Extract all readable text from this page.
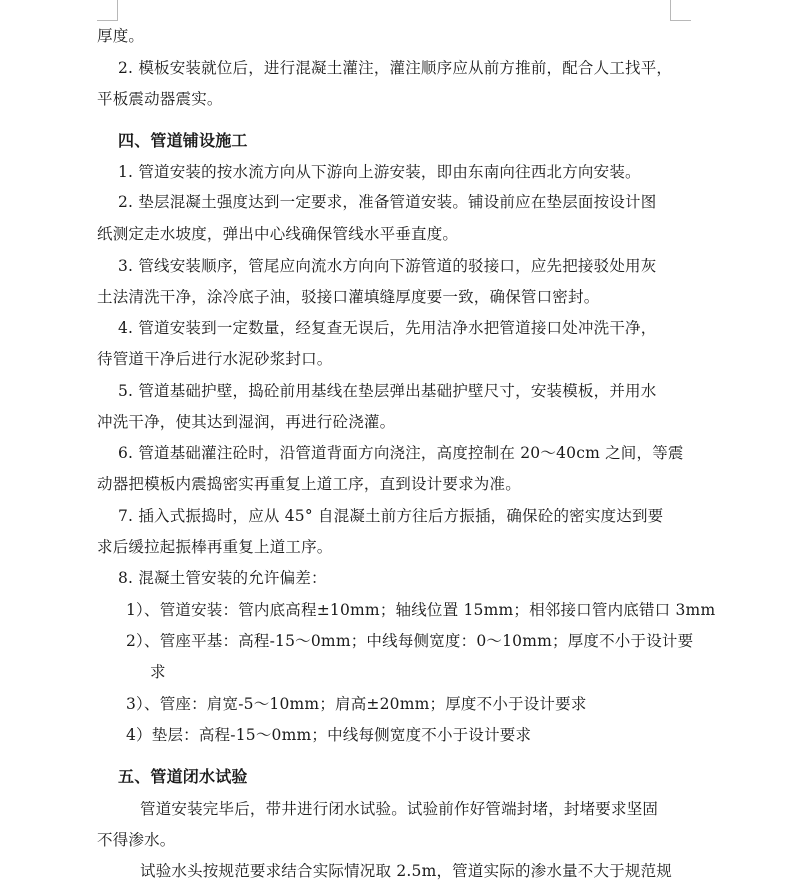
厚度。
2. 模板安装就位后，进行混凝土灌注，灌注顺序应从前方推前，配合人工找平，
平板震动器震实。
四、管道铺设施工
1. 管道安装的按水流方向从下游向上游安装，即由东南向往西北方向安装。
2. 垫层混凝土强度达到一定要求，准备管道安装。铺设前应在垫层面按设计图
纸测定走水坡度，弹出中心线确保管线水平垂直度。
3. 管线安装顺序，管尾应向流水方向向下游管道的驳接口，应先把接驳处用灰
土法清洗干净，涂冷底子油，驳接口灌填缝厚度要一致，确保管口密封。
4. 管道安装到一定数量，经复查无误后，先用洁净水把管道接口处冲洗干净，
待管道干净后进行水泥砂浆封口。
5. 管道基础护壁，捣砼前用基线在垫层弹出基础护壁尺寸，安装模板，并用水
冲洗干净，使其达到湿润，再进行砼浇灌。
6. 管道基础灌注砼时，沿管道背面方向浇注，高度控制在 20～40cm 之间，等震
动器把模板内震捣密实再重复上道工序，直到设计要求为准。
7. 插入式振捣时，应从 45° 自混凝土前方往后方振插，确保砼的密实度达到要
求后缓拉起振棒再重复上道工序。
8. 混凝土管安装的允许偏差：
1）、管道安装：管内底高程±10mm；轴线位置 15mm；相邻接口管内底错口 3mm
2）、管座平基：高程-15～0mm；中线每侧宽度：0～10mm；厚度不小于设计要
求
3）、管座：肩宽-5～10mm；肩高±20mm；厚度不小于设计要求
4）垫层：高程-15～0mm；中线每侧宽度不小于设计要求
五、管道闭水试验
管道安装完毕后，带井进行闭水试验。试验前作好管端封堵，封堵要求坚固
不得渗水。
试验水头按规范要求结合实际情况取 2.5m，管道实际的渗水量不大于规范规
